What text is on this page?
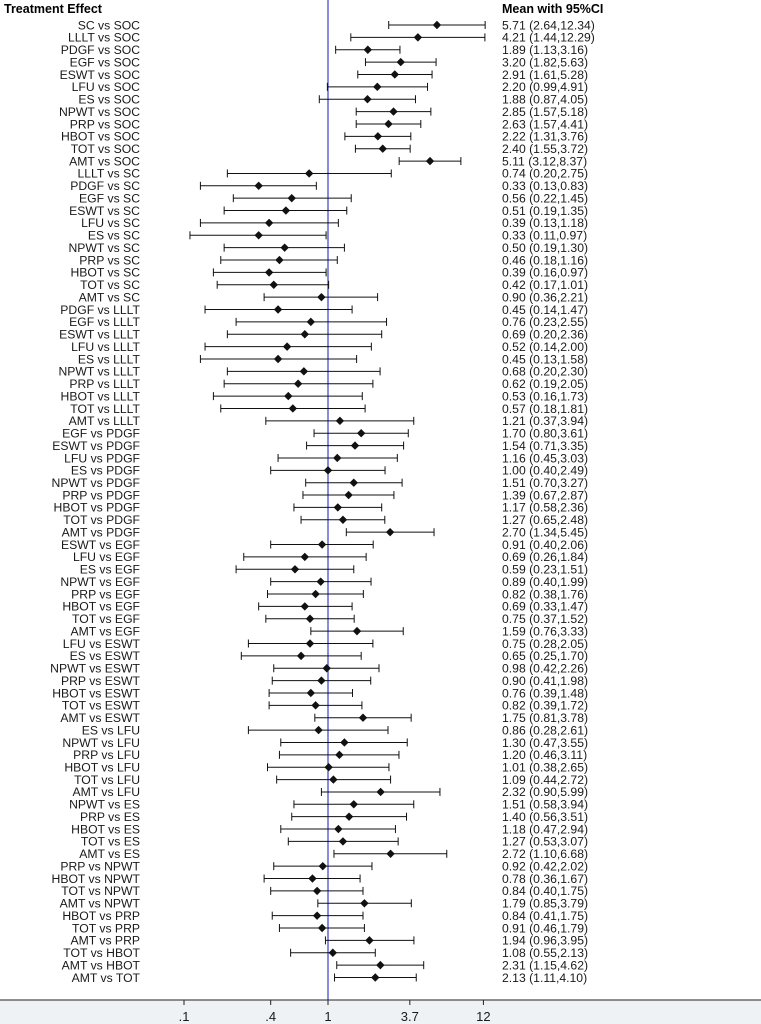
Treatment Effect	Mean with 95%CI
SC vs SOC	5.71 (2.64,12.34)
LLLT vs SOC	4.21 (1.44,12.29)
PDGF vs SOC	1.89 (1.13,3.16)
EGF vs SOC	3.20 (1.82,5.63)
ESWT vs SOC	2.91 (1.61,5.28)
LFU vs SOC	2.20 (0.99,4.91)
ES vs SOC	1.88 (0.87,4.05)
NPWT vs SOC	2.85 (1.57,5.18)
PRP vs SOC	2.63 (1.57,4.41)
HBOT vs SOC	2.22 (1.31,3.76)
TOT vs SOC	2.40 (1.55,3.72)
AMT vs SOC	5.11 (3.12,8.37)
LLLT vs SC	0.74 (0.20,2.75)
PDGF vs SC	0.33 (0.13,0.83)
EGF vs SC	0.56 (0.22,1.45)
ESWT vs SC	0.51 (0.19,1.35)
LFU vs SC	0.39 (0.13,1.18)
ES vs SC	0.33 (0.11,0.97)
NPWT vs SC	0.50 (0.19,1.30)
PRP vs SC	0.46 (0.18,1.16)
HBOT vs SC	0.39 (0.16,0.97)
TOT vs SC	0.42 (0.17,1.01)
AMT vs SC	0.90 (0.36,2.21)
PDGF vs LLLT	0.45 (0.14,1.47)
EGF vs LLLT	0.76 (0.23,2.55)
ESWT vs LLLT	0.69 (0.20,2.36)
LFU vs LLLT	0.52 (0.14,2.00)
ES vs LLLT	0.45 (0.13,1.58)
NPWT vs LLLT	0.68 (0.20,2.30)
PRP vs LLLT	0.62 (0.19,2.05)
HBOT vs LLLT	0.53 (0.16,1.73)
TOT vs LLLT	0.57 (0.18,1.81)
AMT vs LLLT	1.21 (0.37,3.94)
EGF vs PDGF	1.70 (0.80,3.61)
ESWT vs PDGF	1.54 (0.71,3.35)
LFU vs PDGF	1.16 (0.45,3.03)
ES vs PDGF	1.00 (0.40,2.49)
NPWT vs PDGF	1.51 (0.70,3.27)
PRP vs PDGF	1.39 (0.67,2.87)
HBOT vs PDGF	1.17 (0.58,2.36)
TOT vs PDGF	1.27 (0.65,2.48)
AMT vs PDGF	2.70 (1.34,5.45)
ESWT vs EGF	0.91 (0.40,2.06)
LFU vs EGF	0.69 (0.26,1.84)
ES vs EGF	0.59 (0.23,1.51)
NPWT vs EGF	0.89 (0.40,1.99)
PRP vs EGF	0.82 (0.38,1.76)
HBOT vs EGF	0.69 (0.33,1.47)
TOT vs EGF	0.75 (0.37,1.52)
AMT vs EGF	1.59 (0.76,3.33)
LFU vs ESWT	0.75 (0.28,2.05)
ES vs ESWT	0.65 (0.25,1.70)
NPWT vs ESWT	0.98 (0.42,2.26)
PRP vs ESWT	0.90 (0.41,1.98)
HBOT vs ESWT	0.76 (0.39,1.48)
TOT vs ESWT	0.82 (0.39,1.72)
AMT vs ESWT	1.75 (0.81,3.78)
ES vs LFU	0.86 (0.28,2.61)
NPWT vs LFU	1.30 (0.47,3.55)
PRP vs LFU	1.20 (0.46,3.11)
HBOT vs LFU	1.01 (0.38,2.65)
TOT vs LFU	1.09 (0.44,2.72)
AMT vs LFU	2.32 (0.90,5.99)
NPWT vs ES	1.51 (0.58,3.94)
PRP vs ES	1.40 (0.56,3.51)
HBOT vs ES	1.18 (0.47,2.94)
TOT vs ES	1.27 (0.53,3.07)
AMT vs ES	2.72 (1.10,6.68)
PRP vs NPWT	0.92 (0.42,2.02)
HBOT vs NPWT	0.78 (0.36,1.67)
TOT vs NPWT	0.84 (0.40,1.75)
AMT vs NPWT	1.79 (0.85,3.79)
HBOT vs PRP	0.84 (0.41,1.75)
TOT vs PRP	0.91 (0.46,1.79)
AMT vs PRP	1.94 (0.96,3.95)
TOT vs HBOT	1.08 (0.55,2.13)
AMT vs HBOT	2.31 (1.15,4.62)
AMT vs TOT	2.13 (1.11,4.10)
.1	.4	1	3.7	12
